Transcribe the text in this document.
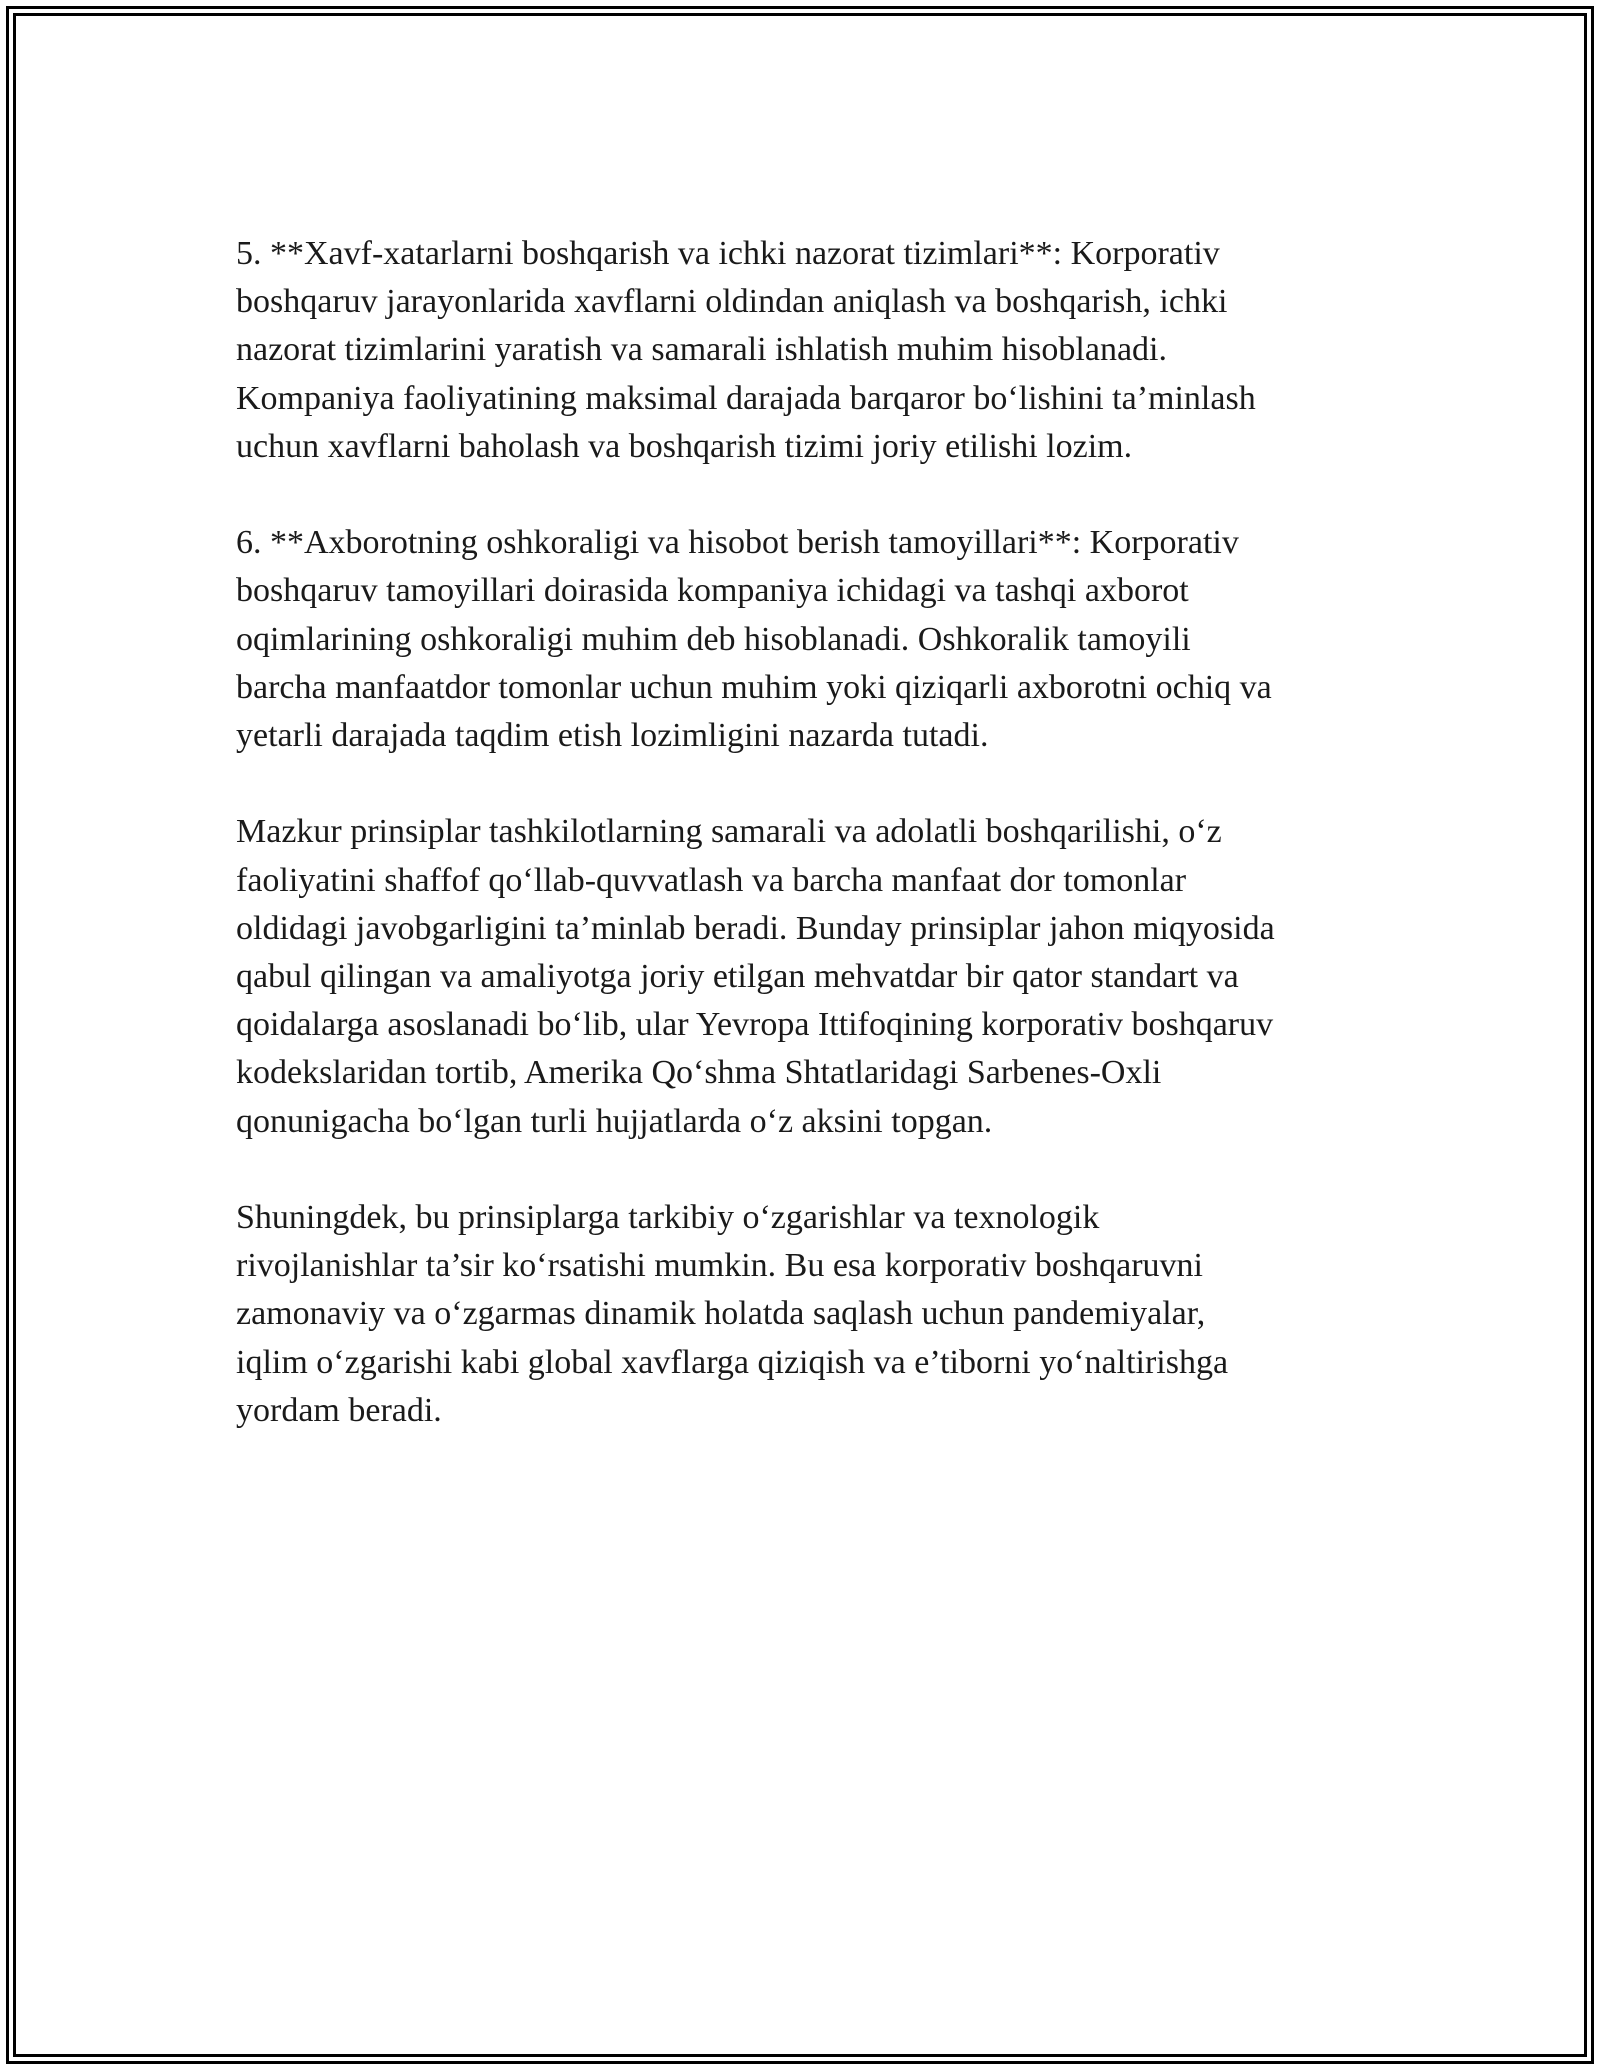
5. **Xavf-xatarlarni boshqarish va ichki nazorat tizimlari**: Korporativ
boshqaruv jarayonlarida xavflarni oldindan aniqlash va boshqarish, ichki
nazorat tizimlarini yaratish va samarali ishlatish muhim hisoblanadi.
Kompaniya faoliyatining maksimal darajada barqaror bo‘lishini ta’minlash
uchun xavflarni baholash va boshqarish tizimi joriy etilishi lozim.

6. **Axborotning oshkoraligi va hisobot berish tamoyillari**: Korporativ
boshqaruv tamoyillari doirasida kompaniya ichidagi va tashqi axborot
oqimlarining oshkoraligi muhim deb hisoblanadi. Oshkoralik tamoyili
barcha manfaatdor tomonlar uchun muhim yoki qiziqarli axborotni ochiq va
yetarli darajada taqdim etish lozimligini nazarda tutadi.

Mazkur prinsiplar tashkilotlarning samarali va adolatli boshqarilishi, o‘z
faoliyatini shaffof qo‘llab-quvvatlash va barcha manfaat dor tomonlar
oldidagi javobgarligini ta’minlab beradi. Bunday prinsiplar jahon miqyosida
qabul qilingan va amaliyotga joriy etilgan mehvatdar bir qator standart va
qoidalarga asoslanadi bo‘lib, ular Yevropa Ittifoqining korporativ boshqaruv
kodekslaridan tortib, Amerika Qo‘shma Shtatlaridagi Sarbenes-Oxli
qonunigacha bo‘lgan turli hujjatlarda o‘z aksini topgan.

Shuningdek, bu prinsiplarga tarkibiy o‘zgarishlar va texnologik
rivojlanishlar ta’sir ko‘rsatishi mumkin. Bu esa korporativ boshqaruvni
zamonaviy va o‘zgarmas dinamik holatda saqlash uchun pandemiyalar,
iqlim o‘zgarishi kabi global xavflarga qiziqish va e’tiborni yo‘naltirishga
yordam beradi.
